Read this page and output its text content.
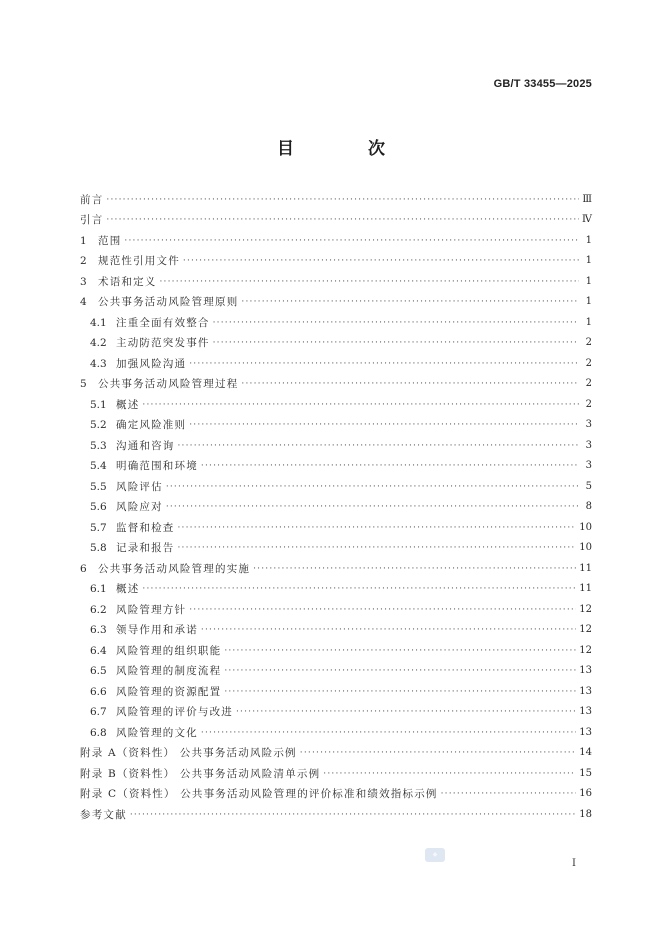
GB/T 33455—2025
目 次
前言 ·····	Ⅲ
引言 ·····	Ⅳ
1	范围 ·····	1
2	规范性引用文件 ·····	1
3	术语和定义 ·····	1
4	公共事务活动风险管理原则 ·····	1
4.1 注重全面有效整合 ·····	1
4.2 主动防范突发事件 ·····	2
4.3 加强风险沟通 ·····	2
5	公共事务活动风险管理过程 ·····	2
5.1 概述 ·····	2
5.2 确定风险准则 ·····	3
5.3 沟通和咨询 ·····	3
5.4 明确范围和环境 ·····	3
5.5 风险评估 ·····	5
5.6 风险应对 ·····	8
5.7 监督和检查 ·····	10
5.8 记录和报告 ·····	10
6	公共事务活动风险管理的实施 ·····	11
6.1 概述 ·····	11
6.2 风险管理方针 ·····	12
6.3 领导作用和承诺 ·····	12
6.4 风险管理的组织职能 ·····	12
6.5 风险管理的制度流程 ·····	13
6.6 风险管理的资源配置 ·····	13
6.7 风险管理的评价与改进 ·····	13
6.8 风险管理的文化 ·····	13
附录 A（资料性） 公共事务活动风险示例 ·····	14
附录 B（资料性） 公共事务活动风险清单示例 ·····	15
附录 C（资料性） 公共事务活动风险管理的评价标准和绩效指标示例 ·····	16
参考文献 ·····	18
◆
I
